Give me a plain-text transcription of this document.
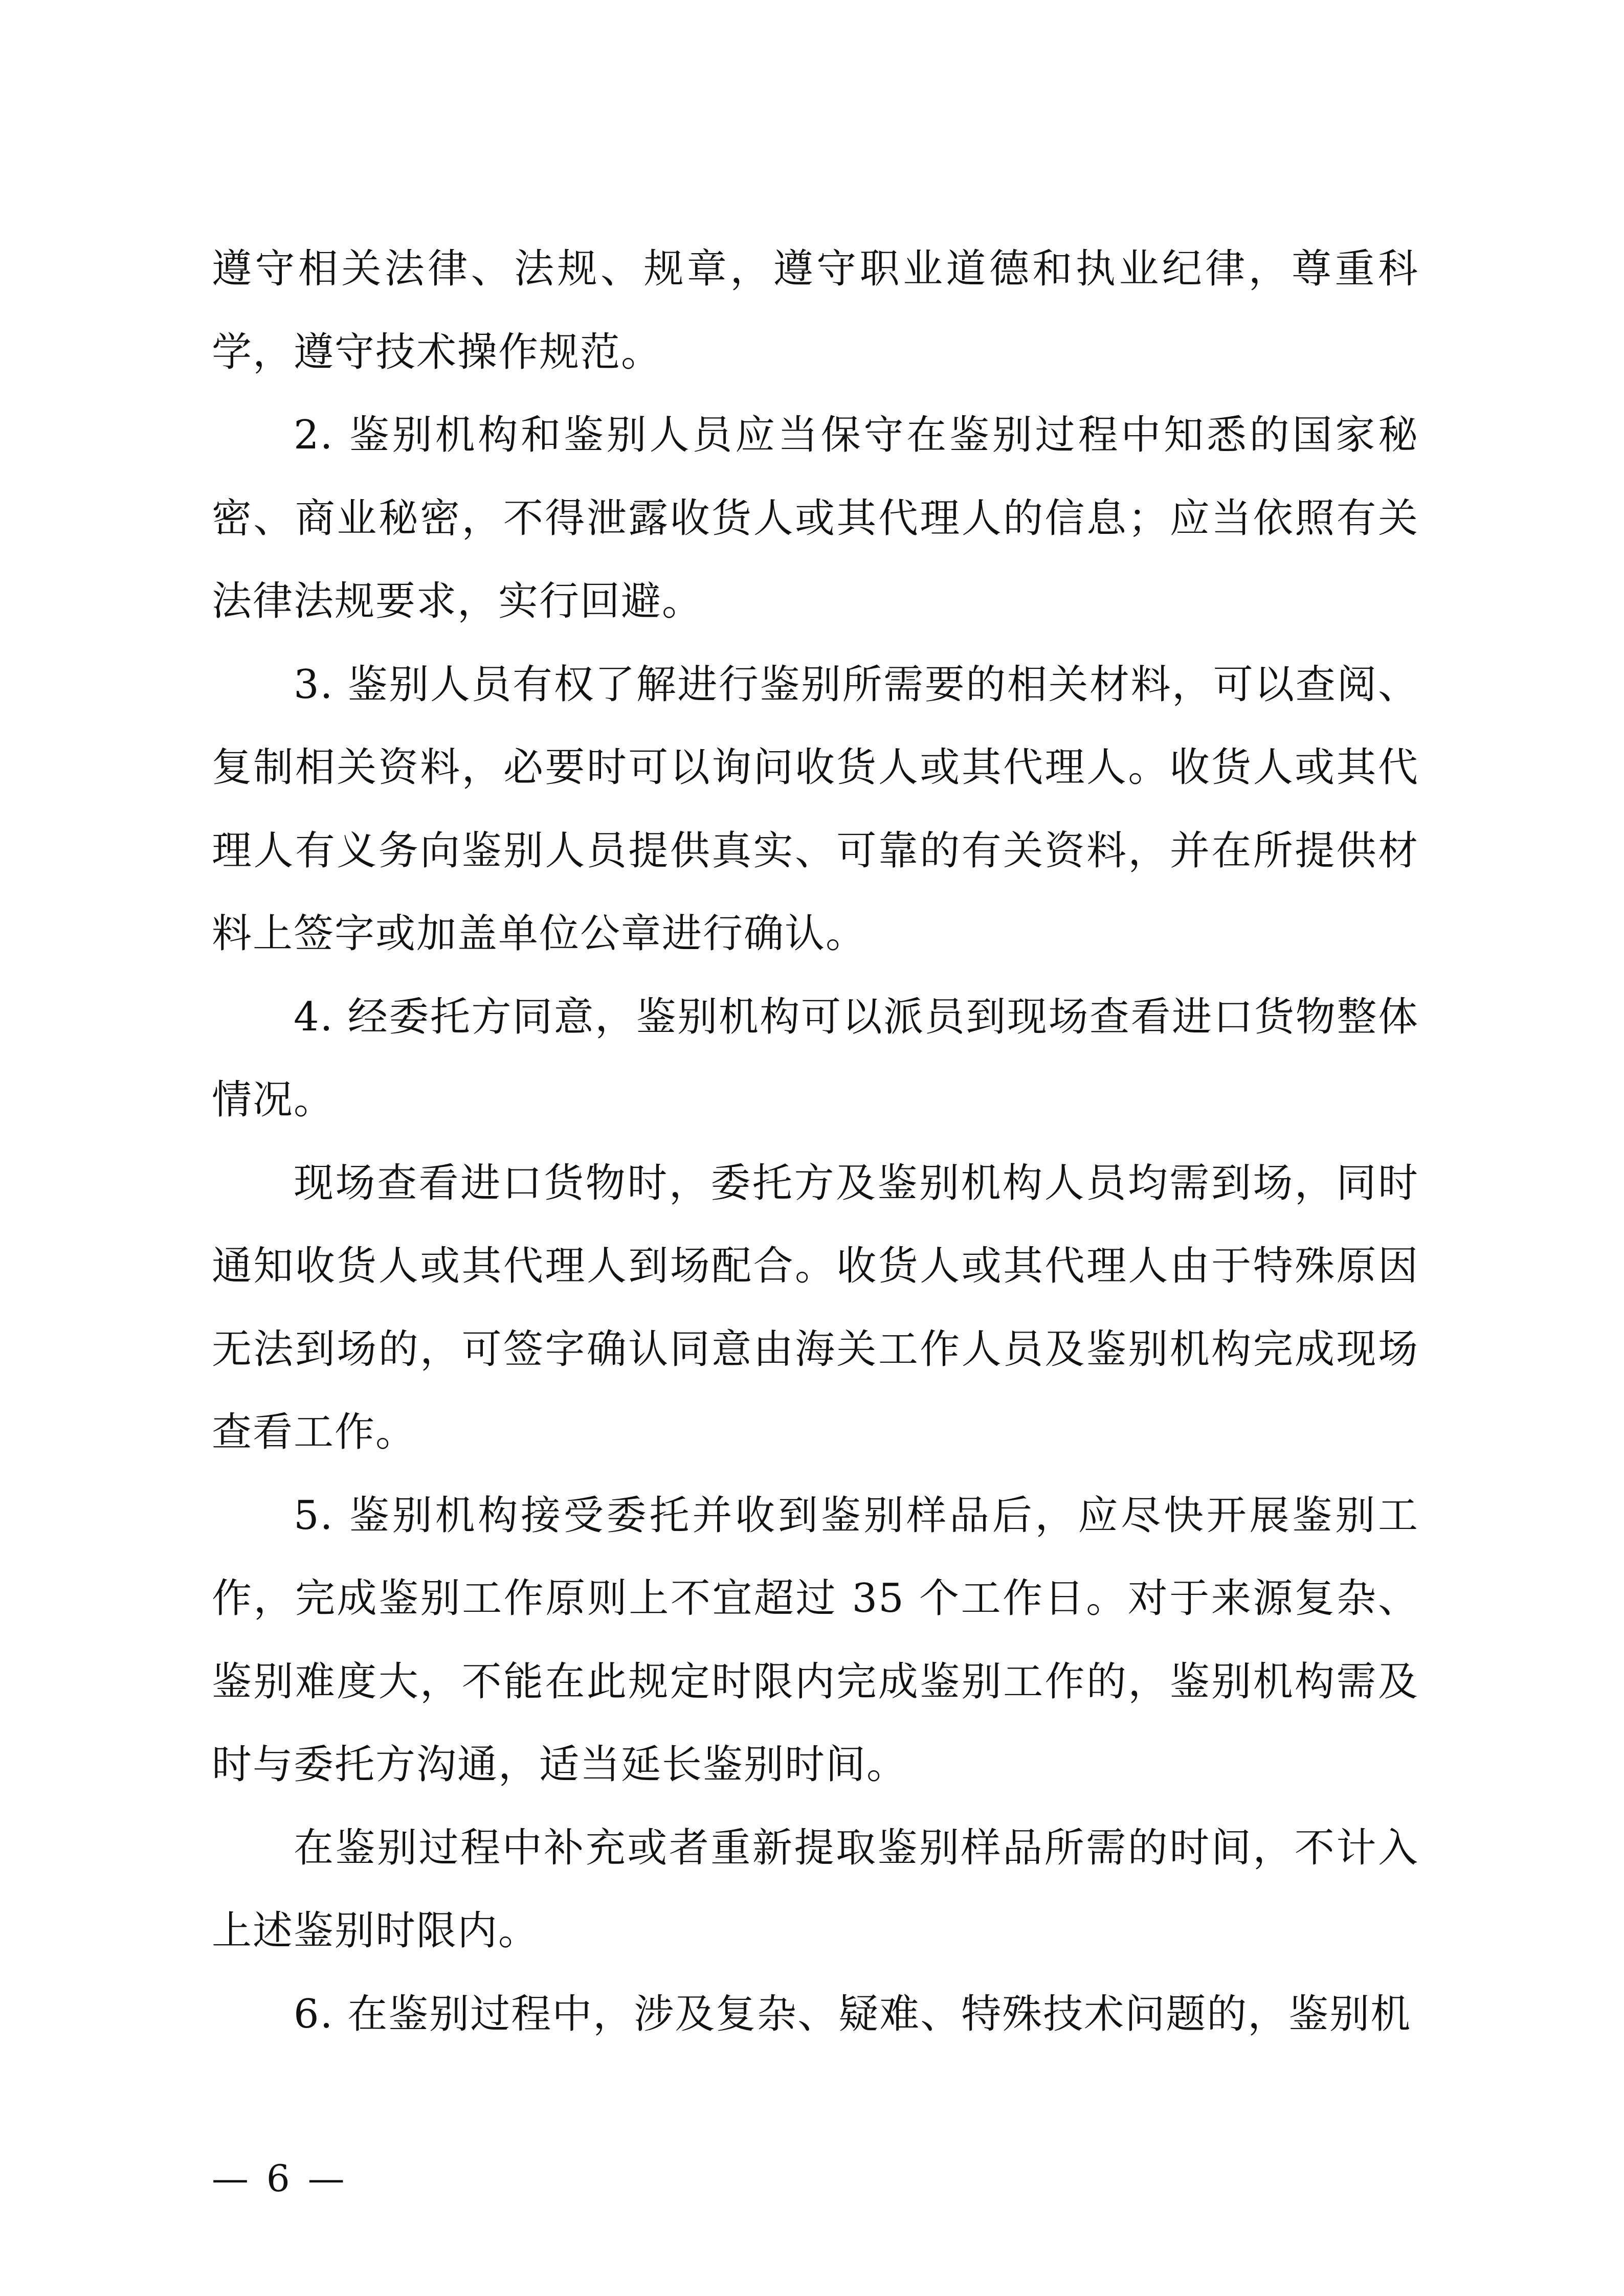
遵守相关法律、法规、规章，遵守职业道德和执业纪律，尊重科学，遵守技术操作规范。

2. 鉴别机构和鉴别人员应当保守在鉴别过程中知悉的国家秘密、商业秘密，不得泄露收货人或其代理人的信息；应当依照有关法律法规要求，实行回避。

3. 鉴别人员有权了解进行鉴别所需要的相关材料，可以查阅、复制相关资料，必要时可以询问收货人或其代理人。收货人或其代理人有义务向鉴别人员提供真实、可靠的有关资料，并在所提供材料上签字或加盖单位公章进行确认。

4. 经委托方同意，鉴别机构可以派员到现场查看进口货物整体情况。

现场查看进口货物时，委托方及鉴别机构人员均需到场，同时通知收货人或其代理人到场配合。收货人或其代理人由于特殊原因无法到场的，可签字确认同意由海关工作人员及鉴别机构完成现场查看工作。

5. 鉴别机构接受委托并收到鉴别样品后，应尽快开展鉴别工作，完成鉴别工作原则上不宜超过 35 个工作日。对于来源复杂、鉴别难度大，不能在此规定时限内完成鉴别工作的，鉴别机构需及时与委托方沟通，适当延长鉴别时间。

在鉴别过程中补充或者重新提取鉴别样品所需的时间，不计入上述鉴别时限内。

6. 在鉴别过程中，涉及复杂、疑难、特殊技术问题的，鉴别机

— 6 —
